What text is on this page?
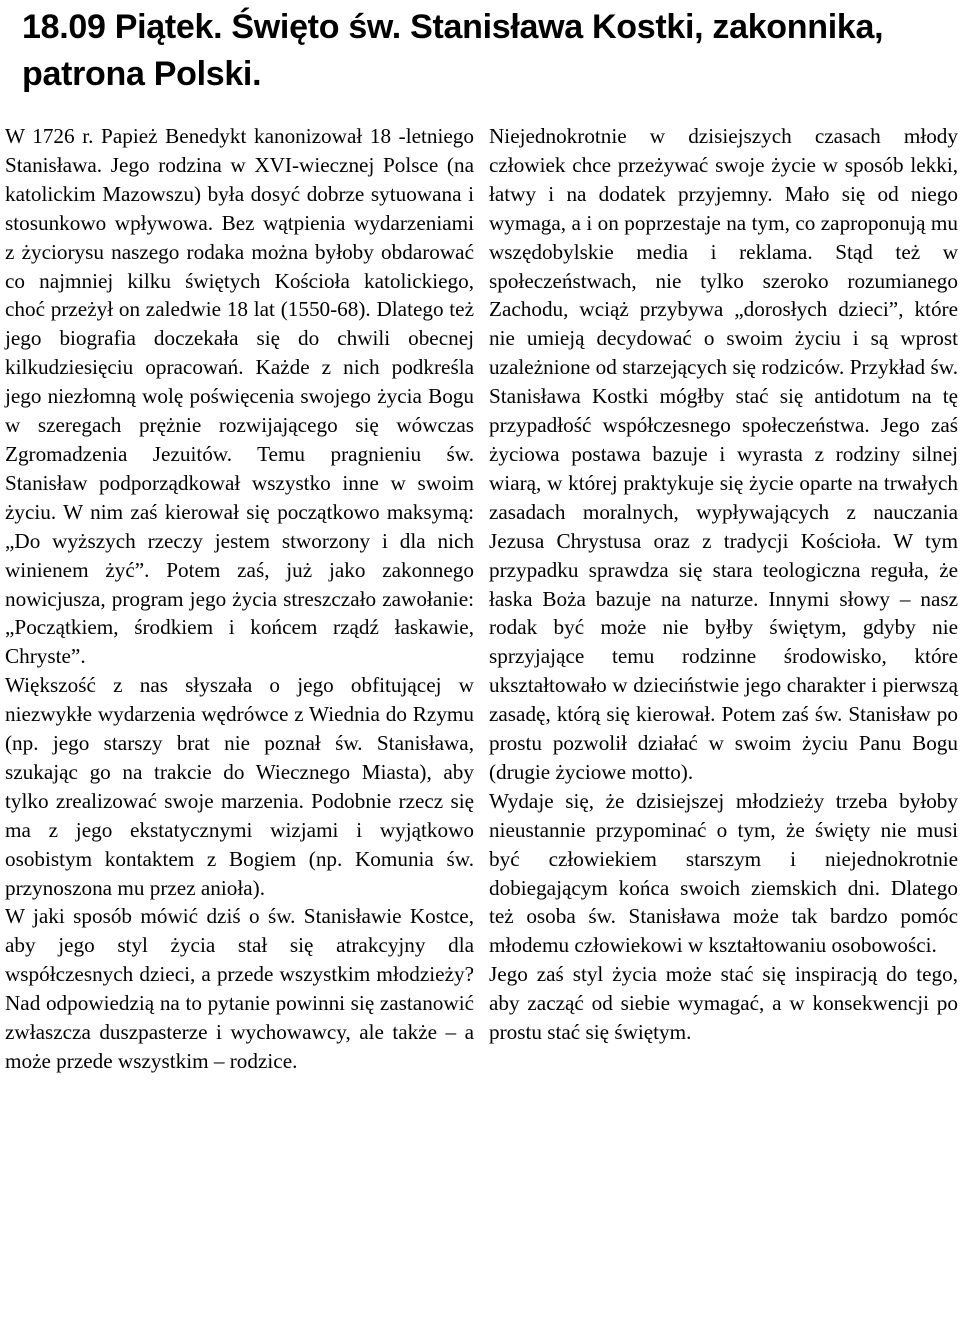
18.09 Piątek. Święto św. Stanisława Kostki, zakonnika, patrona Polski.

W 1726 r. Papież Benedykt kanonizował 18 -letniego Stanisława. Jego rodzina w XVI-wiecznej Polsce (na katolickim Mazowszu) była dosyć dobrze sytuowana i stosunkowo wpływowa. Bez wątpienia wydarzeniami z życiorysu naszego rodaka można byłoby obdarować co najmniej kilku świętych Kościoła katolickiego, choć przeżył on zaledwie 18 lat (1550-68). Dlatego też jego biografia doczekała się do chwili obecnej kilkudziesięciu opracowań. Każde z nich podkreśla jego niezłomną wolę poświęcenia swojego życia Bogu w szeregach prężnie rozwijającego się wówczas Zgromadzenia Jezuitów. Temu pragnieniu św. Stanisław podporządkował wszystko inne w swoim życiu. W nim zaś kierował się początkowo maksymą: „Do wyższych rzeczy jestem stworzony i dla nich winienem żyć”. Potem zaś, już jako zakonnego nowicjusza, program jego życia streszczało zawołanie: „Początkiem, środkiem i końcem rządź łaskawie, Chryste”.

Większość z nas słyszała o jego obfitującej w niezwykłe wydarzenia wędrówce z Wiednia do Rzymu (np. jego starszy brat nie poznał św. Stanisława, szukając go na trakcie do Wiecznego Miasta), aby tylko zrealizować swoje marzenia. Podobnie rzecz się ma z jego ekstatycznymi wizjami i wyjątkowo osobistym kontaktem z Bogiem (np. Komunia św. przynoszona mu przez anioła).

W jaki sposób mówić dziś o św. Stanisławie Kostce, aby jego styl życia stał się atrakcyjny dla współczesnych dzieci, a przede wszystkim młodzieży? Nad odpowiedzią na to pytanie powinni się zastanowić zwłaszcza duszpasterze i wychowawcy, ale także – a może przede wszystkim – rodzice.

Niejednokrotnie w dzisiejszych czasach młody człowiek chce przeżywać swoje życie w sposób lekki, łatwy i na dodatek przyjemny. Mało się od niego wymaga, a i on poprzestaje na tym, co zaproponują mu wszędobylskie media i reklama. Stąd też w społeczeństwach, nie tylko szeroko rozumianego Zachodu, wciąż przybywa „dorosłych dzieci”, które nie umieją decydować o swoim życiu i są wprost uzależnione od starzejących się rodziców. Przykład św. Stanisława Kostki mógłby stać się antidotum na tę przypadłość współczesnego społeczeństwa. Jego zaś życiowa postawa bazuje i wyrasta z rodziny silnej wiarą, w której praktykuje się życie oparte na trwałych zasadach moralnych, wypływających z nauczania Jezusa Chrystusa oraz z tradycji Kościoła. W tym przypadku sprawdza się stara teologiczna reguła, że łaska Boża bazuje na naturze. Innymi słowy – nasz rodak być może nie byłby świętym, gdyby nie sprzyjające temu rodzinne środowisko, które ukształtowało w dzieciństwie jego charakter i pierwszą zasadę, którą się kierował. Potem zaś św. Stanisław po prostu pozwolił działać w swoim życiu Panu Bogu (drugie życiowe motto).

Wydaje się, że dzisiejszej młodzieży trzeba byłoby nieustannie przypominać o tym, że święty nie musi być człowiekiem starszym i niejednokrotnie dobiegającym końca swoich ziemskich dni. Dlatego też osoba św. Stanisława może tak bardzo pomóc młodemu człowiekowi w kształtowaniu osobowości.

Jego zaś styl życia może stać się inspiracją do tego, aby zacząć od siebie wymagać, a w konsekwencji po prostu stać się świętym.
